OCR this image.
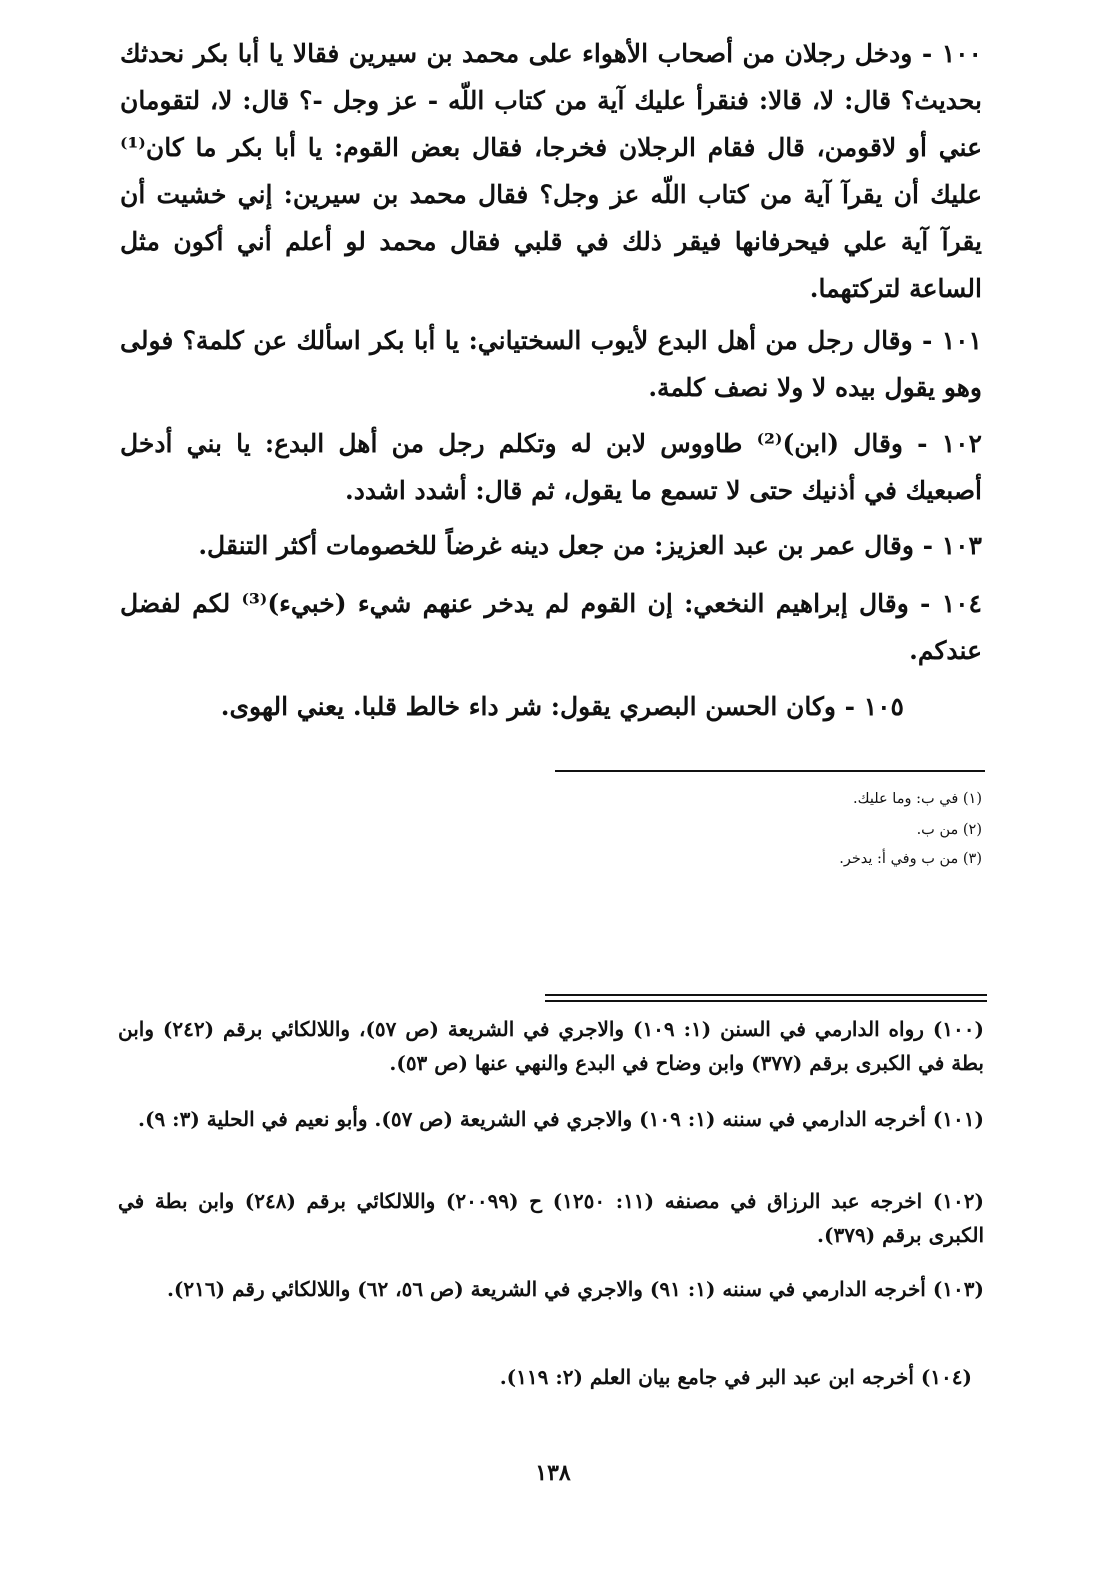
١٠٠ - ودخل رجلان من أصحاب الأهواء على محمد بن سيرين فقالا يا أبا بكر نحدثك بحديث؟ قال: لا، قالا: فنقرأ عليك آية من كتاب اللّه - عز وجل -؟ قال: لا، لتقومان عني أو لاقومن، قال فقام الرجلان فخرجا، فقال بعض القوم: يا أبا بكر ما كان⁽¹⁾ عليك أن يقرآ آية من كتاب اللّه عز وجل؟ فقال محمد بن سيرين: إني خشيت أن يقرآ آية علي فيحرفانها فيقر ذلك في قلبي فقال محمد لو أعلم أني أكون مثل الساعة لتركتهما.

١٠١ - وقال رجل من أهل البدع لأيوب السختياني: يا أبا بكر اسألك عن كلمة؟ فولى وهو يقول بيده لا ولا نصف كلمة.

١٠٢ - وقال (ابن)⁽²⁾ طاووس لابن له وتكلم رجل من أهل البدع: يا بني أدخل أصبعيك في أذنيك حتى لا تسمع ما يقول، ثم قال: أشدد اشدد.

١٠٣ - وقال عمر بن عبد العزيز: من جعل دينه غرضاً للخصومات أكثر التنقل.

١٠٤ - وقال إبراهيم النخعي: إن القوم لم يدخر عنهم شيء (خبيء)⁽³⁾ لكم لفضل عندكم.

١٠٥ - وكان الحسن البصري يقول: شر داء خالط قلبا. يعني الهوى.

(١) في ب: وما عليك.
(٢) من ب.
(٣) من ب وفي أ: يدخر.
(١٠٠) رواه الدارمي في السنن (١: ١٠٩) والاجري في الشريعة (ص ٥٧)، واللالكائي برقم (٢٤٢) وابن بطة في الكبرى برقم (٣٧٧) وابن وضاح في البدع والنهي عنها (ص ٥٣).
(١٠١) أخرجه الدارمي في سننه (١: ١٠٩) والاجري في الشريعة (ص ٥٧). وأبو نعيم في الحلية (٣: ٩).
(١٠٢) اخرجه عبد الرزاق في مصنفه (١١: ١٢٥٠) ح (٢٠٠٩٩) واللالكائي برقم (٢٤٨) وابن بطة في الكبرى برقم (٣٧٩).
(١٠٣) أخرجه الدارمي في سننه (١: ٩١) والاجري في الشريعة (ص ٥٦، ٦٢) واللالكائي رقم (٢١٦).
(١٠٤) أخرجه ابن عبد البر في جامع بيان العلم (٢: ١١٩).
١٣٨
